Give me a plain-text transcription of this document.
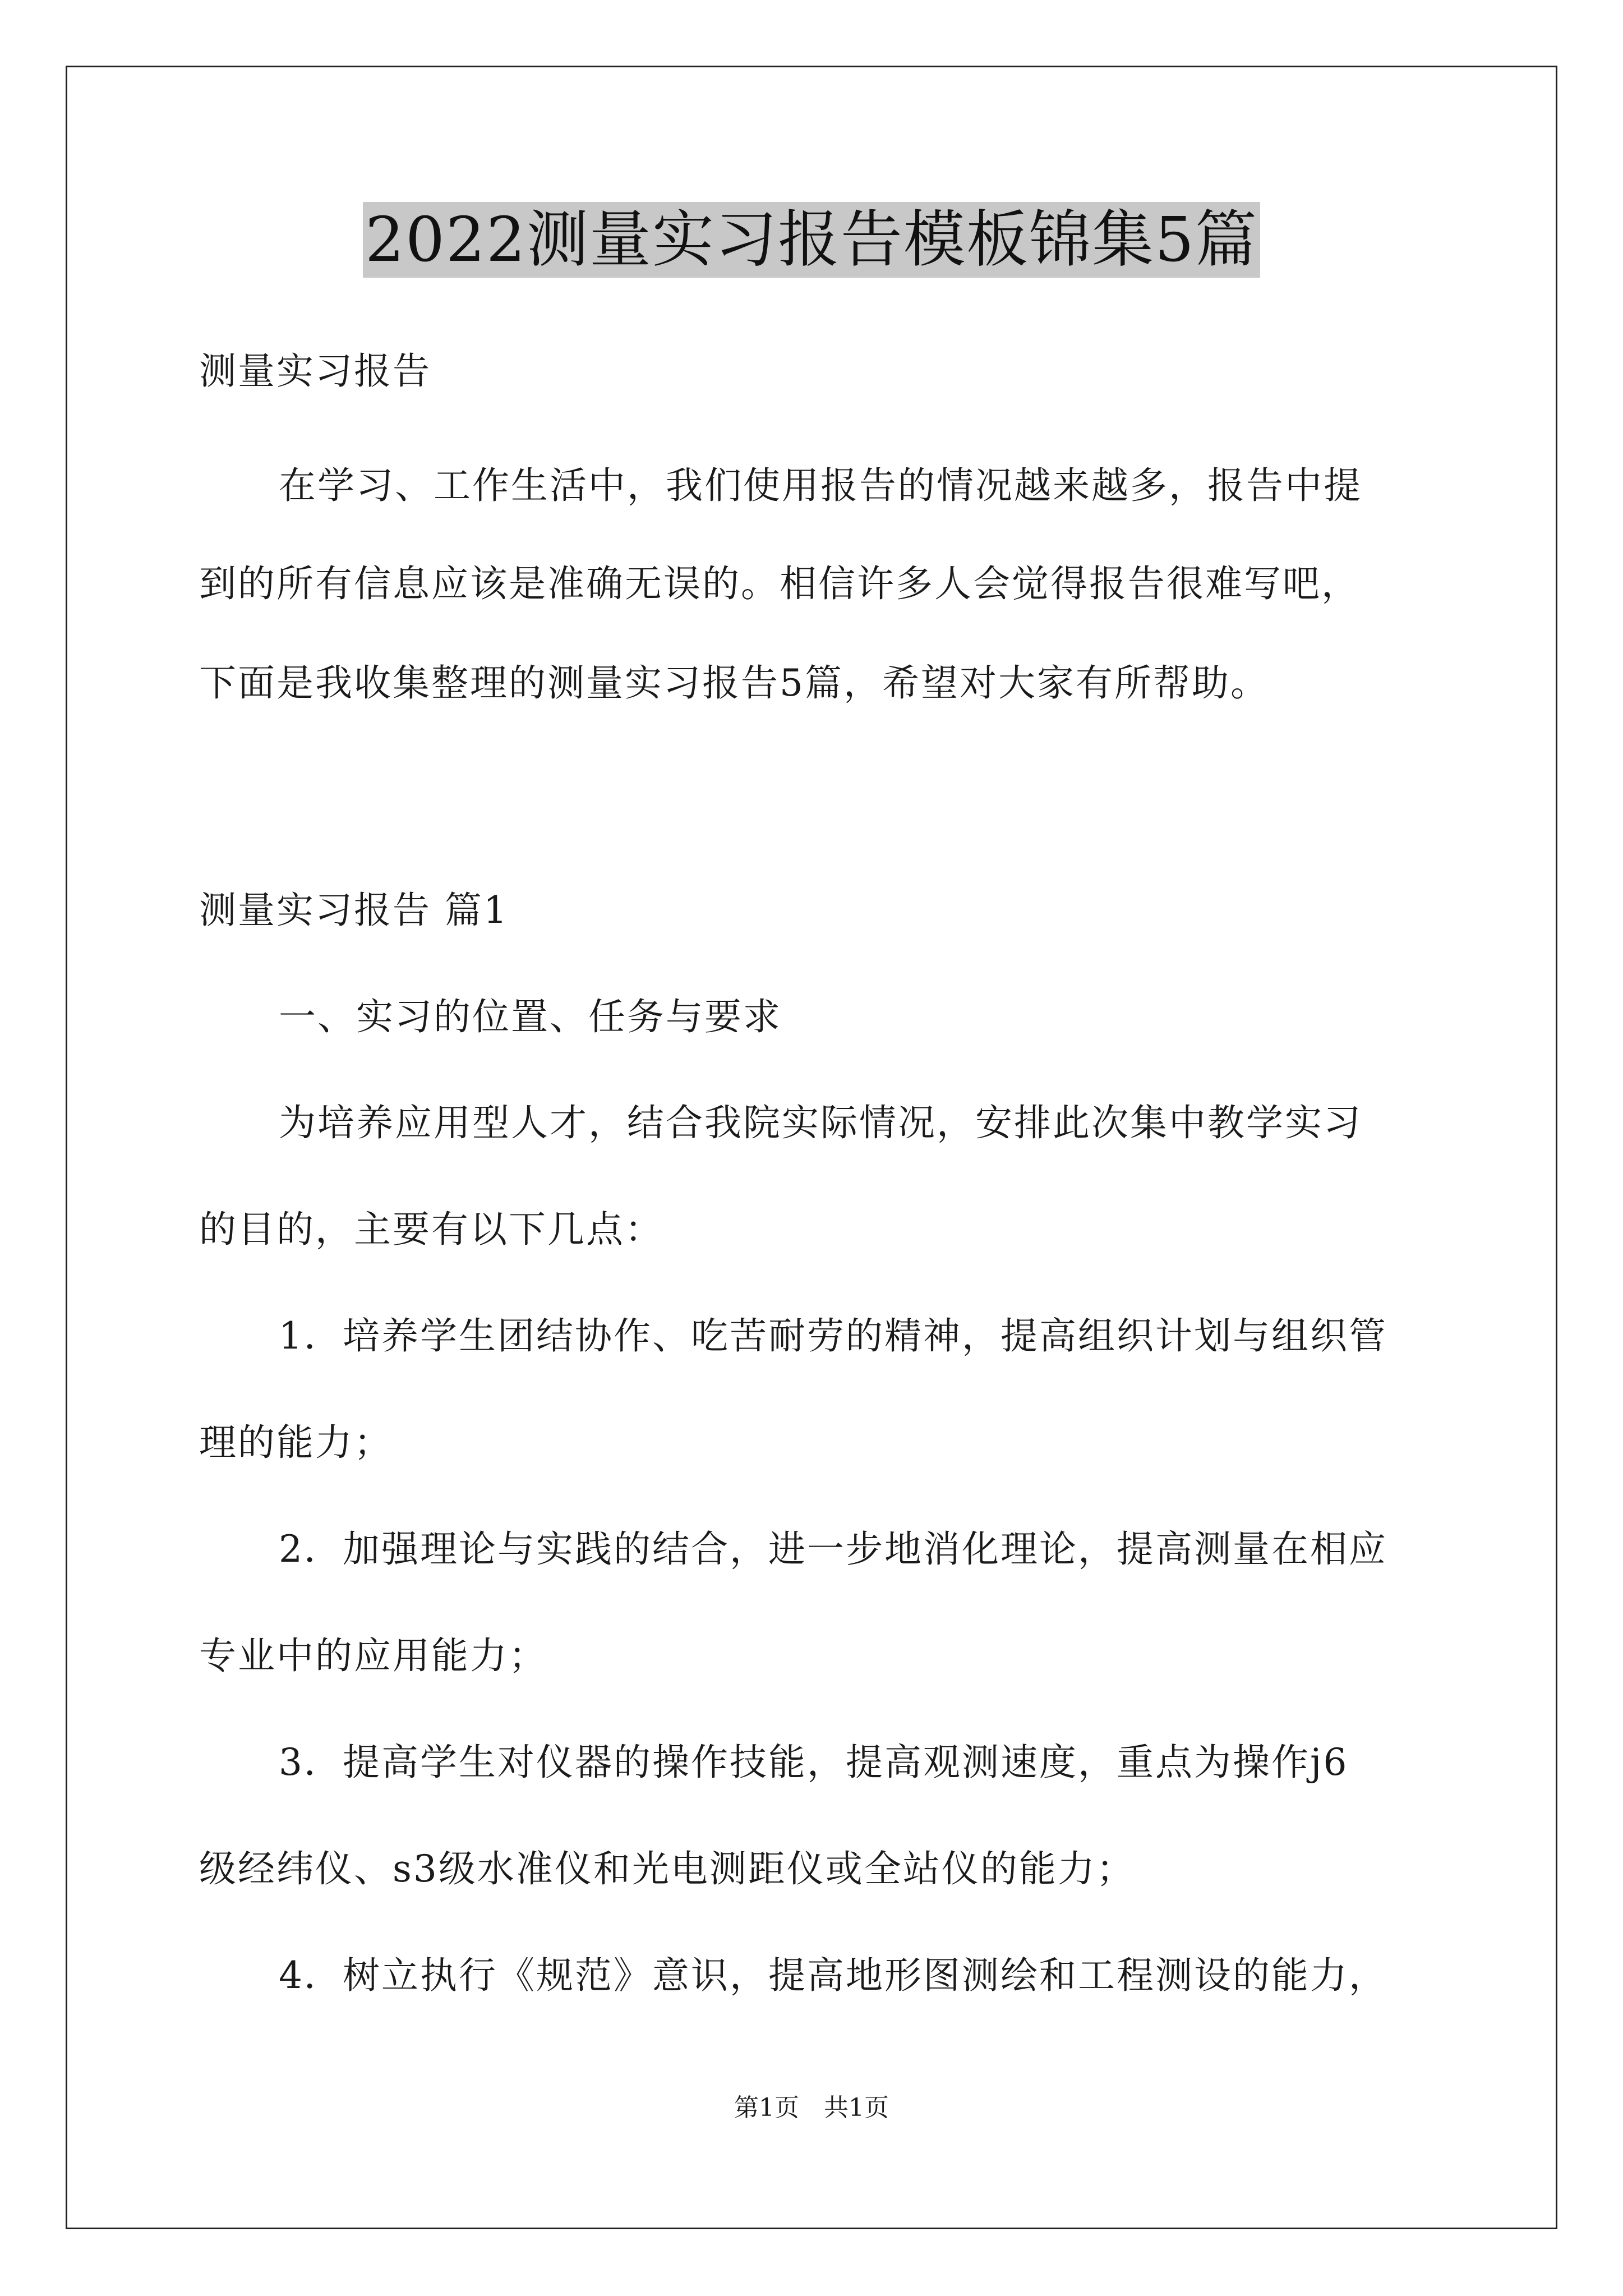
2022测量实习报告模板锦集5篇
测量实习报告
在学习、工作生活中，我们使用报告的情况越来越多，报告中提
到的所有信息应该是准确无误的。相信许多人会觉得报告很难写吧，
下面是我收集整理的测量实习报告5篇，希望对大家有所帮助。
测量实习报告 篇1
一、实习的位置、任务与要求
为培养应用型人才，结合我院实际情况，安排此次集中教学实习
的目的，主要有以下几点：
1．培养学生团结协作、吃苦耐劳的精神，提高组织计划与组织管
理的能力；
2．加强理论与实践的结合，进一步地消化理论，提高测量在相应
专业中的应用能力；
3．提高学生对仪器的操作技能，提高观测速度，重点为操作j6
级经纬仪、s3级水准仪和光电测距仪或全站仪的能力；
4．树立执行《规范》意识，提高地形图测绘和工程测设的能力，
第1页　共1页
